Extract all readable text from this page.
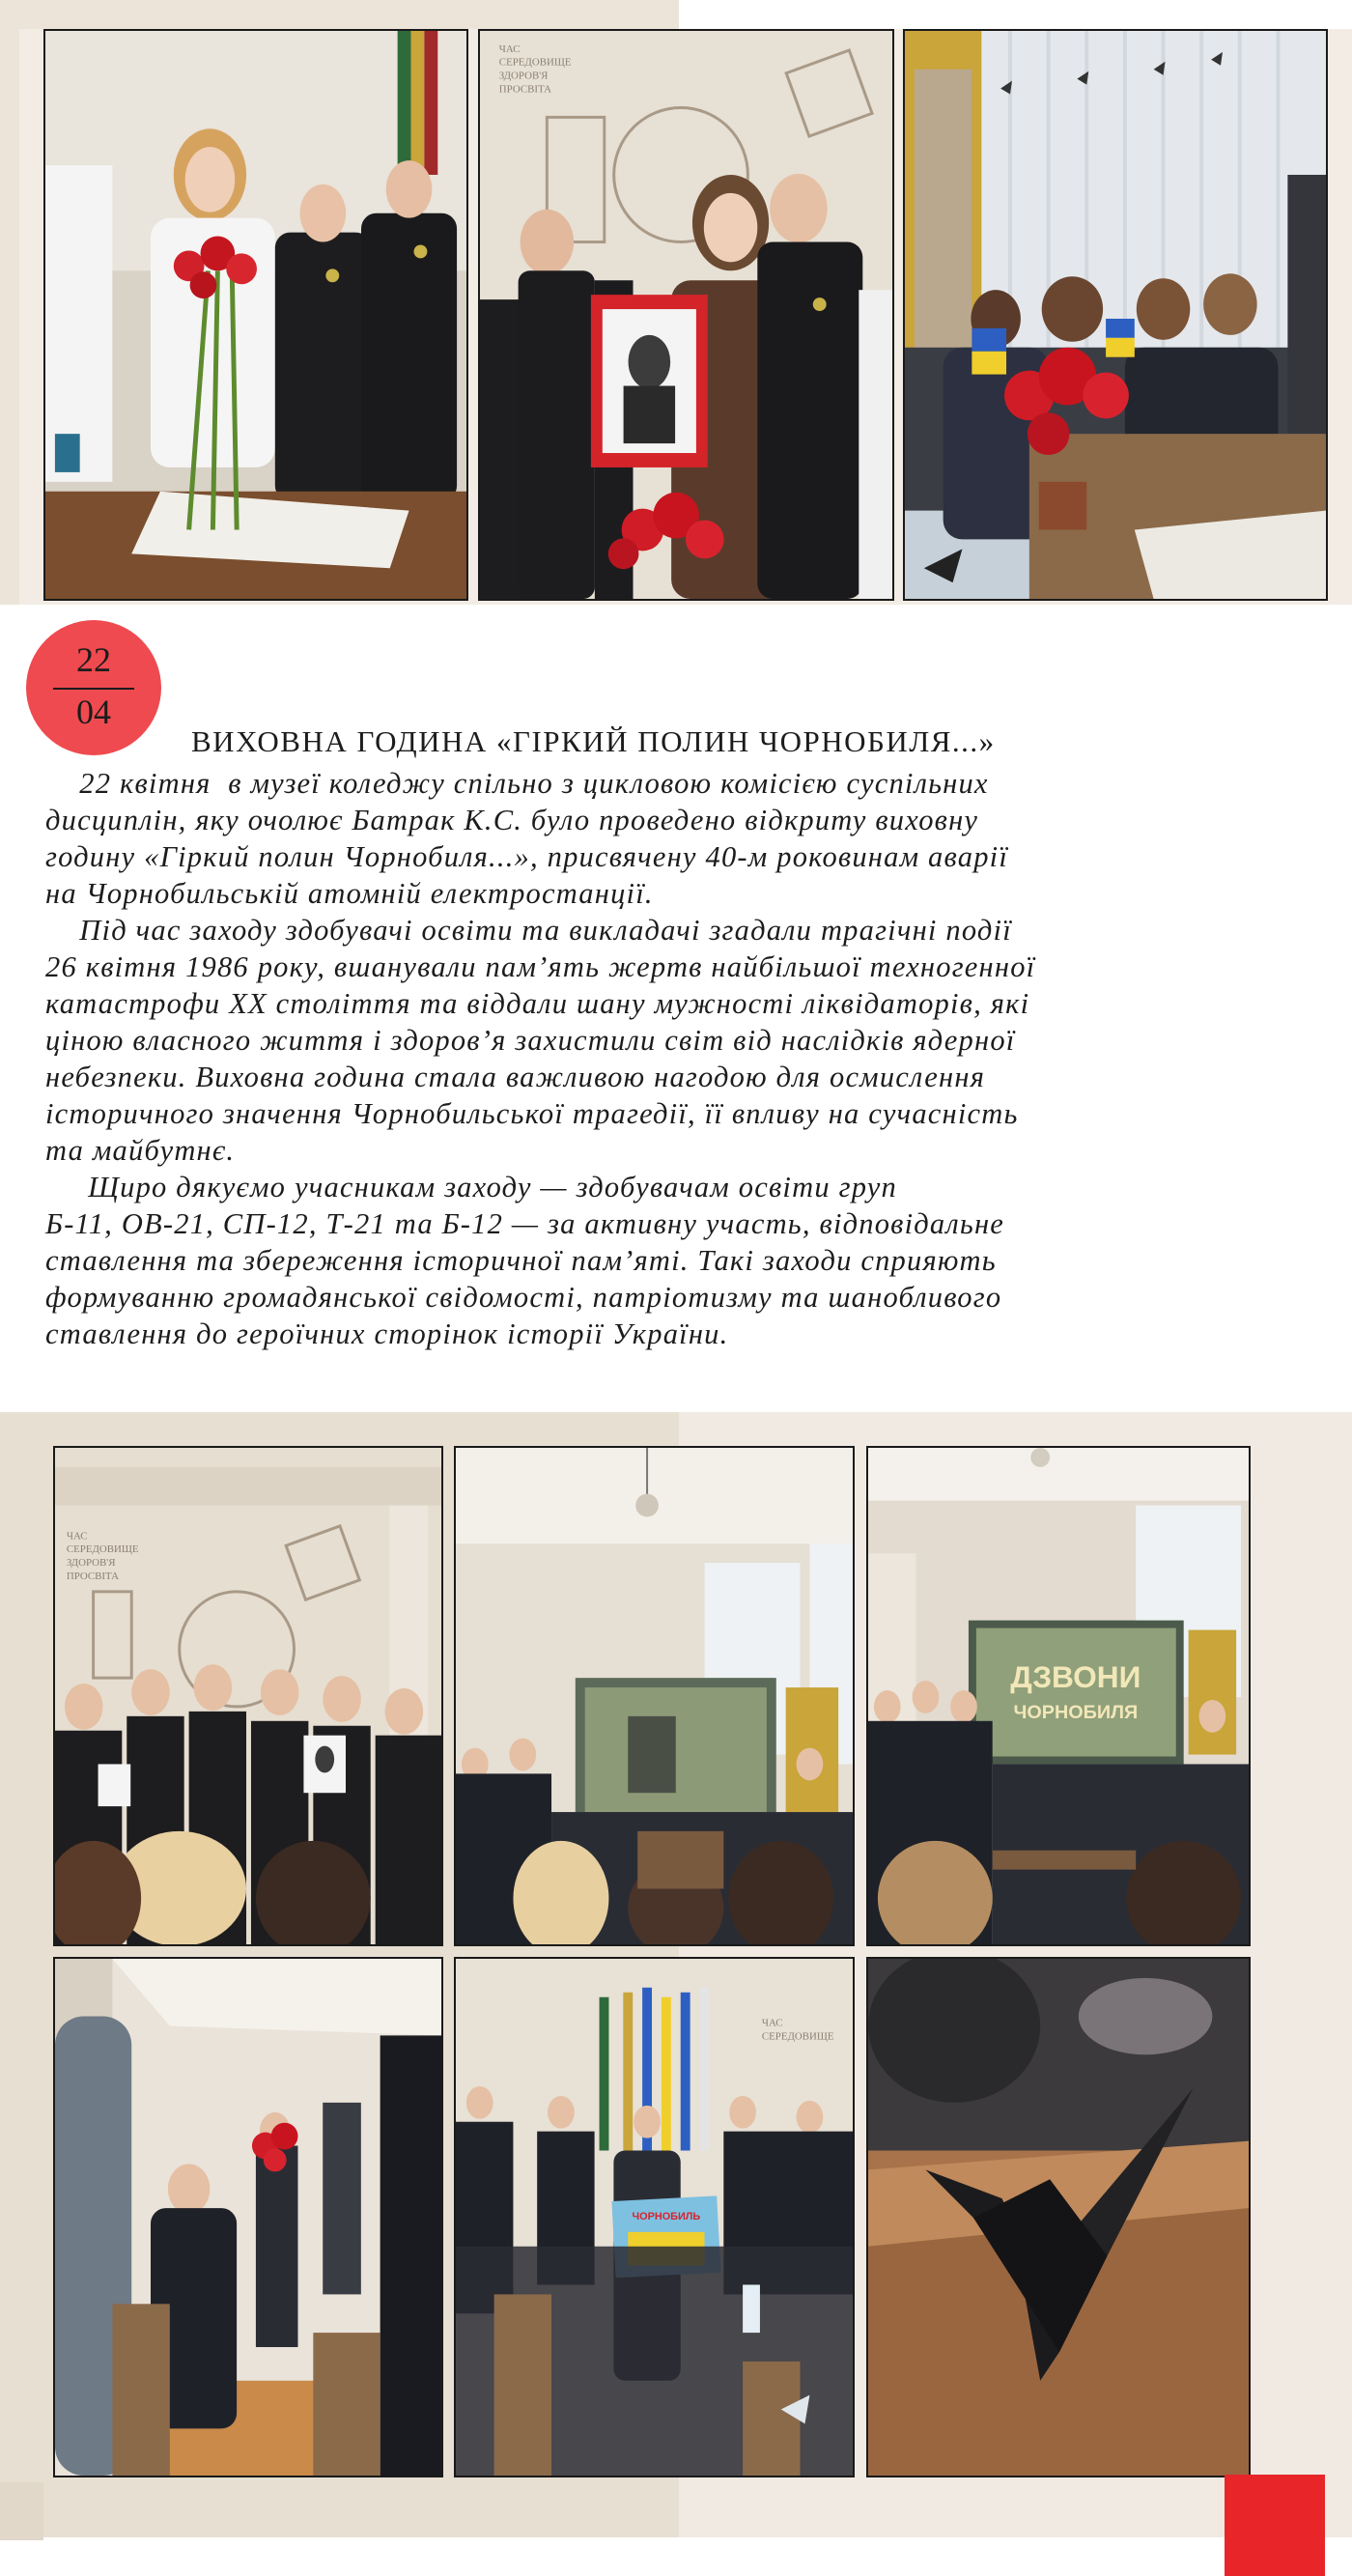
ЧАС
СЕРЕДОВИЩЕ
ЗДОРОВ'Я
ПРОСВІТА
22
04
ВИХОВНА ГОДИНА «ГІРКИЙ ПОЛИН ЧОРНОБИЛЯ...»

22 квітня  в музеї коледжу спільно з цикловою комісією суспільних
дисциплін, яку очолює Батрак К.С. було проведено відкриту виховну
годину «Гіркий полин Чорнобиля...», присвячену 40-м роковинам аварії
на Чорнобильській атомній електростанції.

Під час заходу здобувачі освіти та викладачі згадали трагічні події
26 квітня 1986 року, вшанували пам’ять жертв найбільшої техногенної
катастрофи XX століття та віддали шану мужності ліквідаторів, які
ціною власного життя і здоров’я захистили світ від наслідків ядерної
небезпеки. Виховна година стала важливою нагодою для осмислення
історичного значення Чорнобильської трагедії, її впливу на сучасність
та майбутнє.

Щиро дякуємо учасникам заходу — здобувачам освіти груп
Б-11, ОВ-21, СП-12, Т-21 та Б-12 — за активну участь, відповідальне
ставлення та збереження історичної пам’яті. Такі заходи сприяють
формуванню громадянської свідомості, патріотизму та шанобливого
ставлення до героїчних сторінок історії України.

ЧАС
СЕРЕДОВИЩЕ
ЗДОРОВ'Я
ПРОСВІТА
ДЗВОНИ
ЧОРНОБИЛЯ
ЧАС
СЕРЕДОВИЩЕ
ЧОРНОБИЛЬ
